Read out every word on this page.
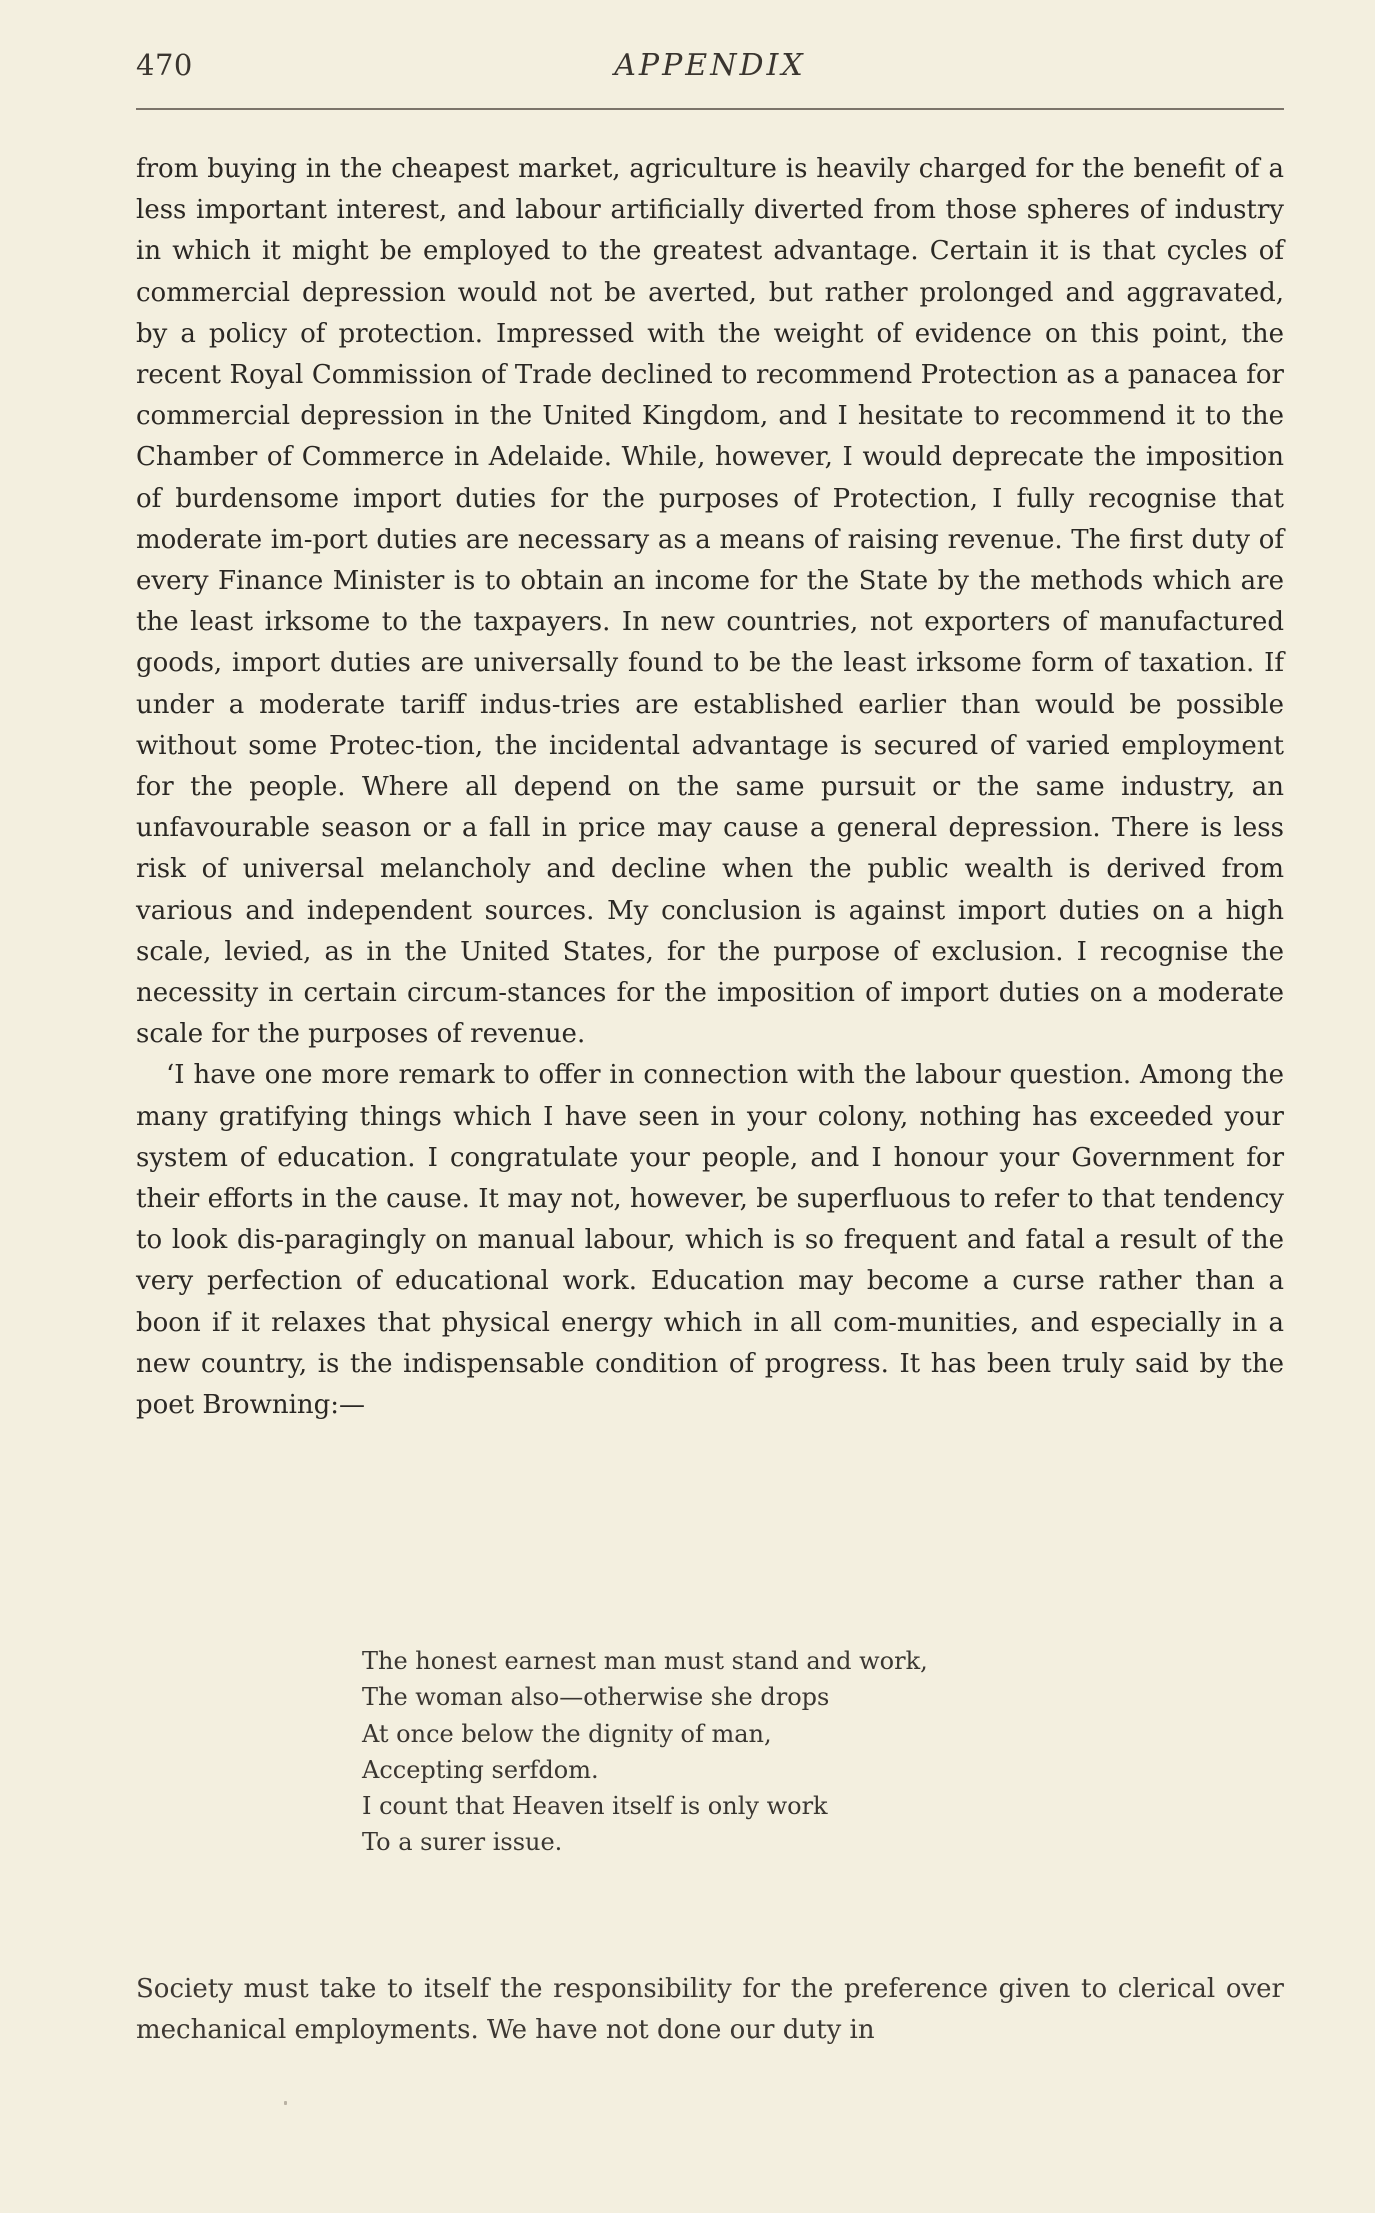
470	APPENDIX

from buying in the cheapest market, agriculture is heavily charged for the benefit of a less important interest, and labour artificially diverted from those spheres of industry in which it might be employed to the greatest advantage. Certain it is that cycles of commercial depression would not be averted, but rather prolonged and aggravated, by a policy of protection. Impressed with the weight of evidence on this point, the recent Royal Commission of Trade declined to recommend Protection as a panacea for commercial depression in the United Kingdom, and I hesitate to recommend it to the Chamber of Commerce in Adelaide. While, however, I would deprecate the imposition of burdensome import duties for the purposes of Protection, I fully recognise that moderate im-port duties are necessary as a means of raising revenue. The first duty of every Finance Minister is to obtain an income for the State by the methods which are the least irksome to the taxpayers. In new countries, not exporters of manufactured goods, import duties are universally found to be the least irksome form of taxation. If under a moderate tariff indus-tries are established earlier than would be possible without some Protec-tion, the incidental advantage is secured of varied employment for the people. Where all depend on the same pursuit or the same industry, an unfavourable season or a fall in price may cause a general depression. There is less risk of universal melancholy and decline when the public wealth is derived from various and independent sources. My conclusion is against import duties on a high scale, levied, as in the United States, for the purpose of exclusion. I recognise the necessity in certain circum-stances for the imposition of import duties on a moderate scale for the purposes of revenue.

‘I have one more remark to offer in connection with the labour question. Among the many gratifying things which I have seen in your colony, nothing has exceeded your system of education. I congratulate your people, and I honour your Government for their efforts in the cause. It may not, however, be superfluous to refer to that tendency to look dis-paragingly on manual labour, which is so frequent and fatal a result of the very perfection of educational work. Education may become a curse rather than a boon if it relaxes that physical energy which in all com-munities, and especially in a new country, is the indispensable condition of progress. It has been truly said by the poet Browning:—

The honest earnest man must stand and work,
The woman also—otherwise she drops
At once below the dignity of man,
Accepting serfdom.
I count that Heaven itself is only work
To a surer issue.

Society must take to itself the responsibility for the preference given to clerical over mechanical employments. We have not done our duty in
